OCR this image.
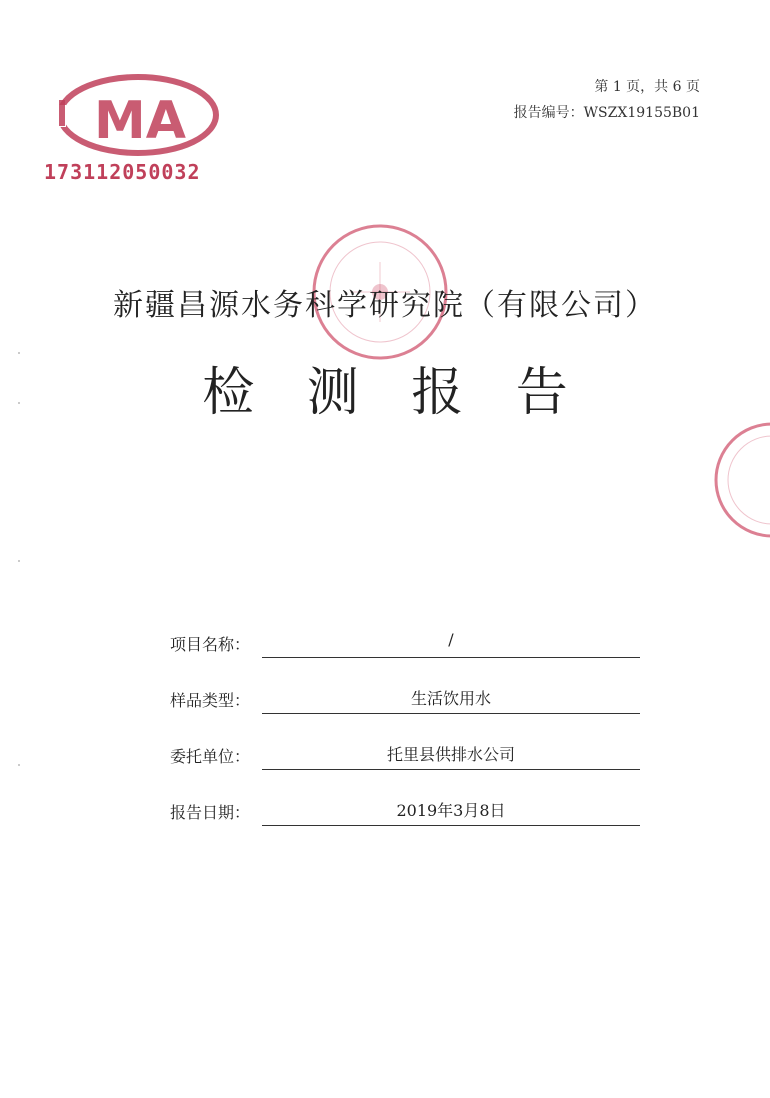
第 1 页，共 6 页
报告编号：WSZX19155B01
MA
173112050032
新疆昌源水务科学研究院（有限公司）
检 测 报 告
项目名称：	/
样品类型：	生活饮用水
委托单位：	托里县供排水公司
报告日期：	2019年3月8日
